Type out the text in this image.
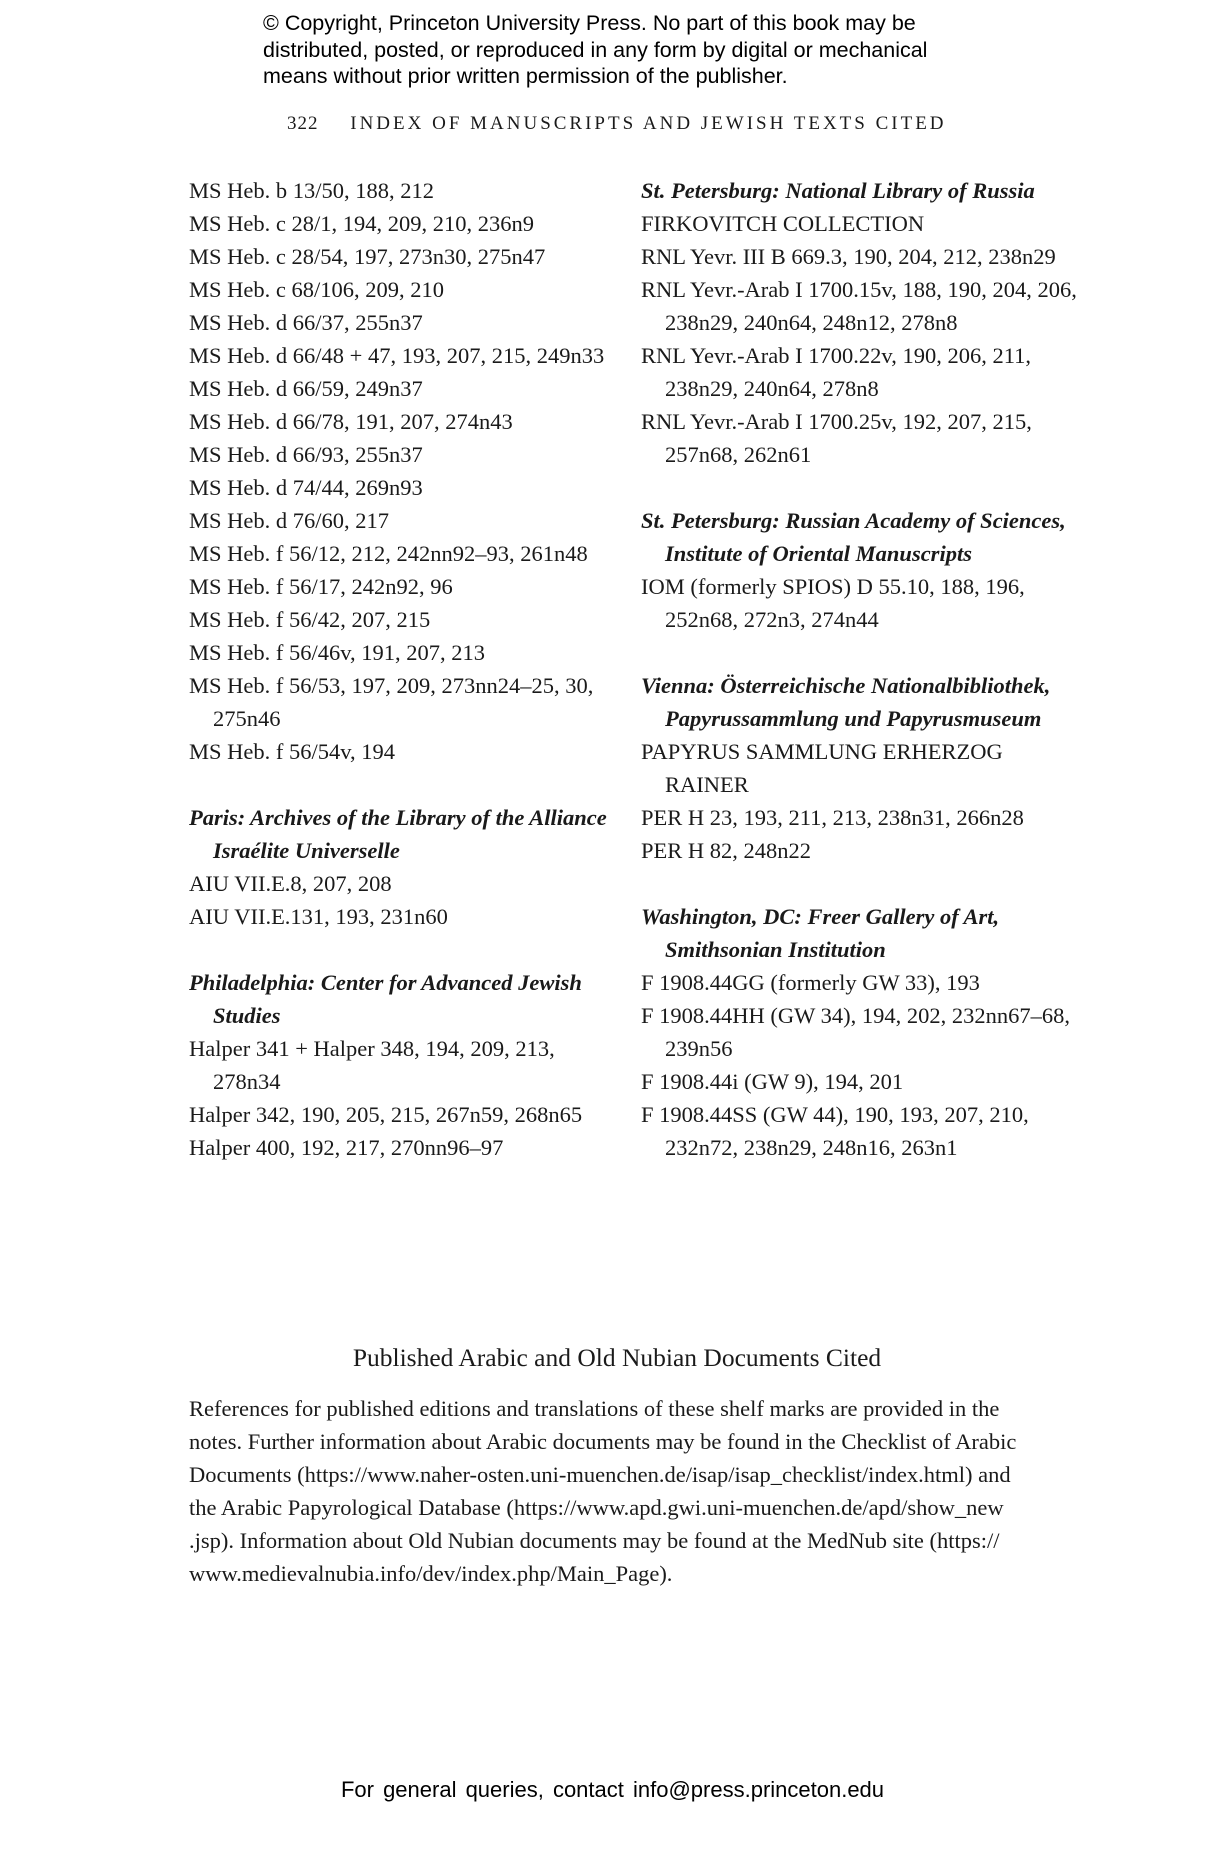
© Copyright, Princeton University Press. No part of this book may be
distributed, posted, or reproduced in any form by digital or mechanical
means without prior written permission of the publisher.
322 INDEX OF MANUSCRIPTS AND JEWISH TEXTS CITED
MS Heb. b 13/50, 188, 212
MS Heb. c 28/1, 194, 209, 210, 236n9
MS Heb. c 28/54, 197, 273n30, 275n47
MS Heb. c 68/106, 209, 210
MS Heb. d 66/37, 255n37
MS Heb. d 66/48 + 47, 193, 207, 215, 249n33
MS Heb. d 66/59, 249n37
MS Heb. d 66/78, 191, 207, 274n43
MS Heb. d 66/93, 255n37
MS Heb. d 74/44, 269n93
MS Heb. d 76/60, 217
MS Heb. f 56/12, 212, 242nn92–93, 261n48
MS Heb. f 56/17, 242n92, 96
MS Heb. f 56/42, 207, 215
MS Heb. f 56/46v, 191, 207, 213
MS Heb. f 56/53, 197, 209, 273nn24–25, 30, 275n46
MS Heb. f 56/54v, 194
Paris: Archives of the Library of the Alliance Israélite Universelle
AIU VII.E.8, 207, 208
AIU VII.E.131, 193, 231n60
Philadelphia: Center for Advanced Jewish Studies
Halper 341 + Halper 348, 194, 209, 213, 278n34
Halper 342, 190, 205, 215, 267n59, 268n65
Halper 400, 192, 217, 270nn96–97
St. Petersburg: National Library of Russia
FIRKOVITCH COLLECTION
RNL Yevr. III B 669.3, 190, 204, 212, 238n29
RNL Yevr.-Arab I 1700.15v, 188, 190, 204, 206, 238n29, 240n64, 248n12, 278n8
RNL Yevr.-Arab I 1700.22v, 190, 206, 211, 238n29, 240n64, 278n8
RNL Yevr.-Arab I 1700.25v, 192, 207, 215, 257n68, 262n61
St. Petersburg: Russian Academy of Sciences, Institute of Oriental Manuscripts
IOM (formerly SPIOS) D 55.10, 188, 196, 252n68, 272n3, 274n44
Vienna: Österreichische Nationalbibliothek, Papyrussammlung und Papyrusmuseum
PAPYRUS SAMMLUNG ERHERZOG RAINER
PER H 23, 193, 211, 213, 238n31, 266n28
PER H 82, 248n22
Washington, DC: Freer Gallery of Art, Smithsonian Institution
F 1908.44GG (formerly GW 33), 193
F 1908.44HH (GW 34), 194, 202, 232nn67–68, 239n56
F 1908.44i (GW 9), 194, 201
F 1908.44SS (GW 44), 190, 193, 207, 210, 232n72, 238n29, 248n16, 263n1
Published Arabic and Old Nubian Documents Cited
References for published editions and translations of these shelf marks are provided in the
notes. Further information about Arabic documents may be found in the Checklist of Arabic
Documents (https://www.naher-osten.uni-muenchen.de/isap/isap_checklist/index.html) and
the Arabic Papyrological Database (https://www.apd.gwi.uni-muenchen.de/apd/show_new
.jsp). Information about Old Nubian documents may be found at the MedNub site (https://
www.medievalnubia.info/dev/index.php/Main_Page).
For general queries, contact info@press.princeton.edu
